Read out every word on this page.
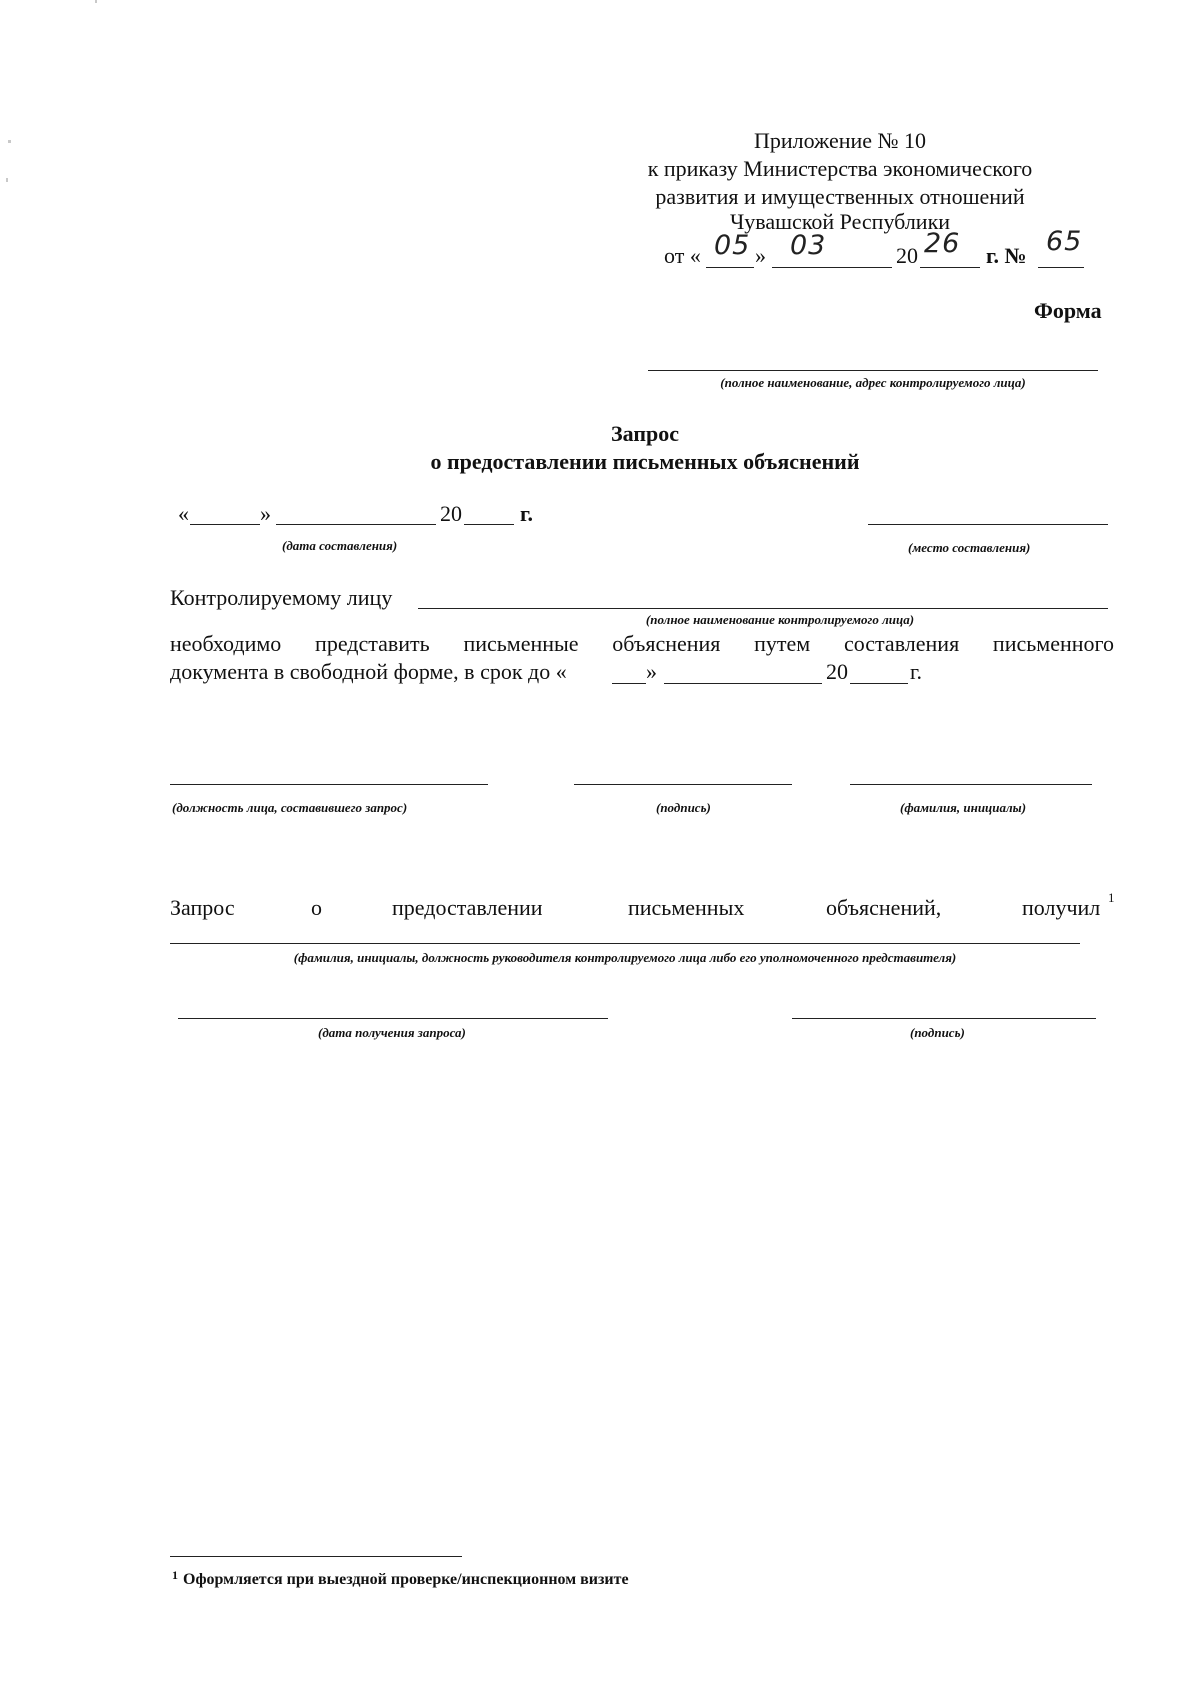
Приложение № 10
к приказу Министерства экономического
развития и имущественных отношений
Чувашской Республики
от « 05 » 03	20 26 г. № 65
Форма
(полное наименование, адрес контролируемого лица)
Запрос
о предоставлении письменных объяснений
«	»	20	г.
(дата составления)	(место составления)
Контролируемому лицу
(полное наименование контролируемого лица)
необходимо представить письменные объяснения путем составления письменного
документа в свободной форме, в срок до «	»	20	г.
(должность лица, составившего запрос)	(подпись)	(фамилия, инициалы)
Запрос	о	предоставлении	письменных	объяснений,	получил 1
(фамилия, инициалы, должность руководителя контролируемого лица либо его уполномоченного представителя)
(дата получения запроса)	(подпись)
1 Оформляется при выездной проверке/инспекционном визите
